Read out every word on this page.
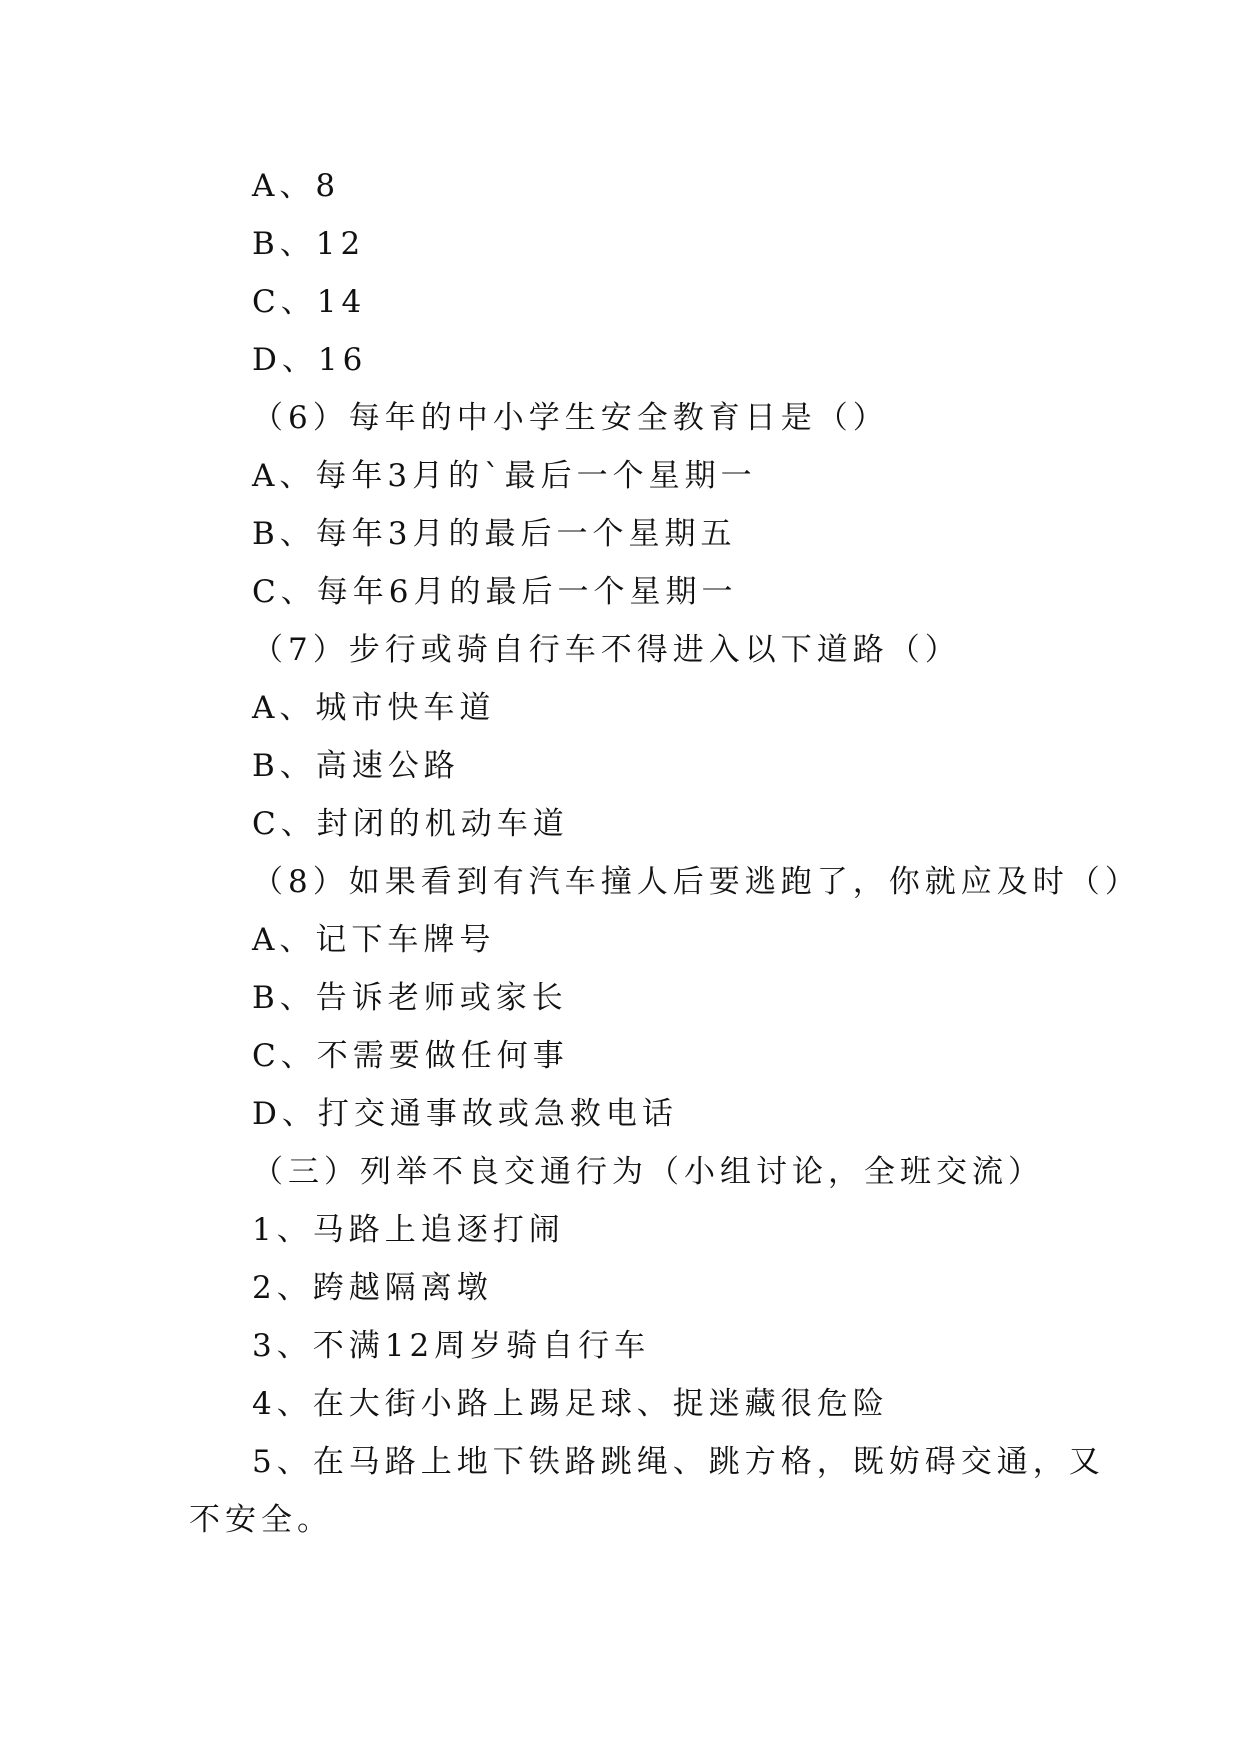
A、8
B、12
C、14
D、16
（6）每年的中小学生安全教育日是（）
A、每年3月的`最后一个星期一
B、每年3月的最后一个星期五
C、每年6月的最后一个星期一
（7）步行或骑自行车不得进入以下道路（）
A、城市快车道
B、高速公路
C、封闭的机动车道
（8）如果看到有汽车撞人后要逃跑了，你就应及时（）
A、记下车牌号
B、告诉老师或家长
C、不需要做任何事
D、打交通事故或急救电话
（三）列举不良交通行为（小组讨论，全班交流）
1、马路上追逐打闹
2、跨越隔离墩
3、不满12周岁骑自行车
4、在大街小路上踢足球、捉迷藏很危险
5、在马路上地下铁路跳绳、跳方格，既妨碍交通，又
不安全。
